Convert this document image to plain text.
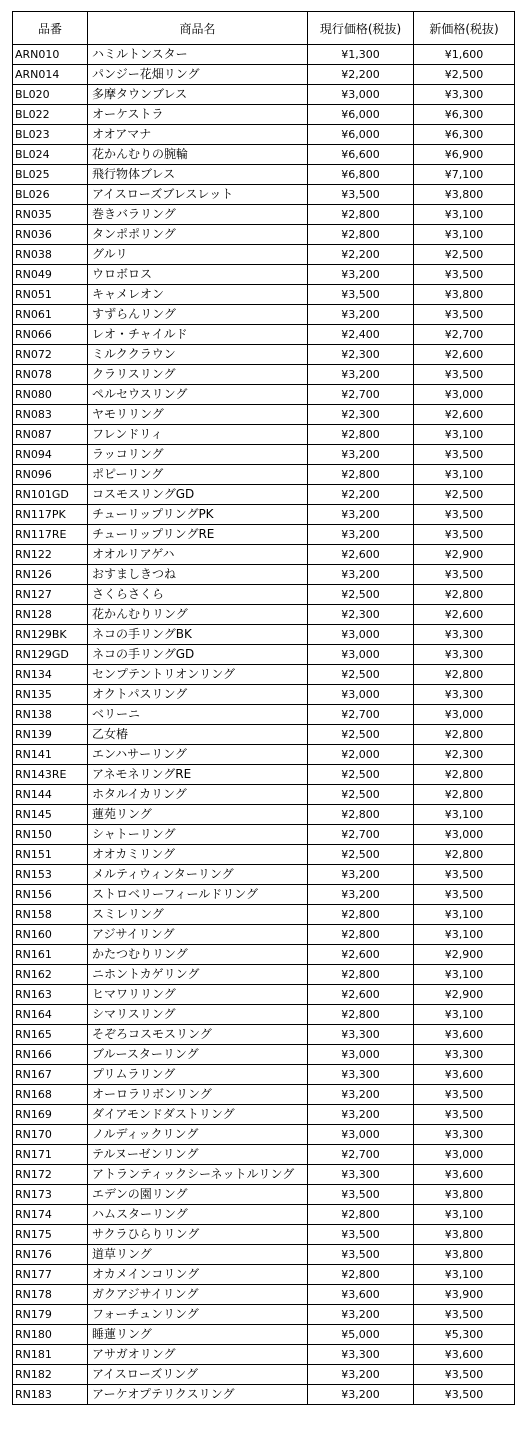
品番	商品名	現行価格(税抜)	新価格(税抜)
ARN010	ハミルトンスター	¥1,300	¥1,600
ARN014	パンジー花畑リング	¥2,200	¥2,500
BL020	多摩タウンブレス	¥3,000	¥3,300
BL022	オーケストラ	¥6,000	¥6,300
BL023	オオアマナ	¥6,000	¥6,300
BL024	花かんむりの腕輪	¥6,600	¥6,900
BL025	飛行物体ブレス	¥6,800	¥7,100
BL026	アイスローズブレスレット	¥3,500	¥3,800
RN035	巻きバラリング	¥2,800	¥3,100
RN036	タンポポリング	¥2,800	¥3,100
RN038	グルリ	¥2,200	¥2,500
RN049	ウロボロス	¥3,200	¥3,500
RN051	キャメレオン	¥3,500	¥3,800
RN061	すずらんリング	¥3,200	¥3,500
RN066	レオ・チャイルド	¥2,400	¥2,700
RN072	ミルククラウン	¥2,300	¥2,600
RN078	クラリスリング	¥3,200	¥3,500
RN080	ペルセウスリング	¥2,700	¥3,000
RN083	ヤモリリング	¥2,300	¥2,600
RN087	フレンドリィ	¥2,800	¥3,100
RN094	ラッコリング	¥3,200	¥3,500
RN096	ポピーリング	¥2,800	¥3,100
RN101GD	コスモスリングGD	¥2,200	¥2,500
RN117PK	チューリップリングPK	¥3,200	¥3,500
RN117RE	チューリップリングRE	¥3,200	¥3,500
RN122	オオルリアゲハ	¥2,600	¥2,900
RN126	おすましきつね	¥3,200	¥3,500
RN127	さくらさくら	¥2,500	¥2,800
RN128	花かんむりリング	¥2,300	¥2,600
RN129BK	ネコの手リングBK	¥3,000	¥3,300
RN129GD	ネコの手リングGD	¥3,000	¥3,300
RN134	センプテントリオンリング	¥2,500	¥2,800
RN135	オクトパスリング	¥3,000	¥3,300
RN138	ベリーニ	¥2,700	¥3,000
RN139	乙女椿	¥2,500	¥2,800
RN141	エンハサーリング	¥2,000	¥2,300
RN143RE	アネモネリングRE	¥2,500	¥2,800
RN144	ホタルイカリング	¥2,500	¥2,800
RN145	蓮苑リング	¥2,800	¥3,100
RN150	シャトーリング	¥2,700	¥3,000
RN151	オオカミリング	¥2,500	¥2,800
RN153	メルティウィンターリング	¥3,200	¥3,500
RN156	ストロベリーフィールドリング	¥3,200	¥3,500
RN158	スミレリング	¥2,800	¥3,100
RN160	アジサイリング	¥2,800	¥3,100
RN161	かたつむりリング	¥2,600	¥2,900
RN162	ニホントカゲリング	¥2,800	¥3,100
RN163	ヒマワリリング	¥2,600	¥2,900
RN164	シマリスリング	¥2,800	¥3,100
RN165	そぞろコスモスリング	¥3,300	¥3,600
RN166	ブルースターリング	¥3,000	¥3,300
RN167	プリムラリング	¥3,300	¥3,600
RN168	オーロラリボンリング	¥3,200	¥3,500
RN169	ダイアモンドダストリング	¥3,200	¥3,500
RN170	ノルディックリング	¥3,000	¥3,300
RN171	テルヌーゼンリング	¥2,700	¥3,000
RN172	アトランティックシーネットルリング	¥3,300	¥3,600
RN173	エデンの園リング	¥3,500	¥3,800
RN174	ハムスターリング	¥2,800	¥3,100
RN175	サクラひらりリング	¥3,500	¥3,800
RN176	道草リング	¥3,500	¥3,800
RN177	オカメインコリング	¥2,800	¥3,100
RN178	ガクアジサイリング	¥3,600	¥3,900
RN179	フォーチュンリング	¥3,200	¥3,500
RN180	睡蓮リング	¥5,000	¥5,300
RN181	アサガオリング	¥3,300	¥3,600
RN182	アイスローズリング	¥3,200	¥3,500
RN183	アーケオプテリクスリング	¥3,200	¥3,500
